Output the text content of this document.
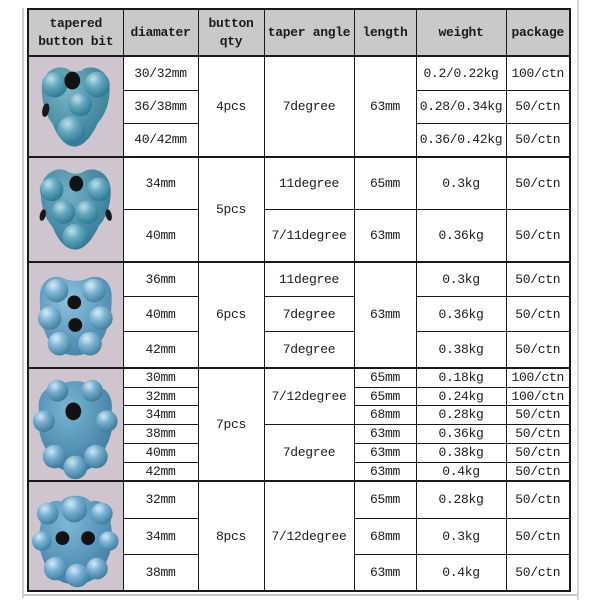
tapered button bit	diamater	button qty	taper angle	length	weight	package

	30/32mm	4pcs	7degree	63mm	0.2/0.22kg	100/ctn
	36/38mm				0.28/0.34kg	50/ctn
	40/42mm				0.36/0.42kg	50/ctn

	34mm	5pcs	11degree	65mm	0.3kg	50/ctn
	40mm		7/11degree	63mm	0.36kg	50/ctn

	36mm	6pcs	11degree	63mm	0.3kg	50/ctn
	40mm		7degree		0.36kg	50/ctn
	42mm		7degree		0.38kg	50/ctn

	30mm	7pcs	7/12degree	65mm	0.18kg	100/ctn
	32mm			65mm	0.24kg	100/ctn
	34mm			68mm	0.28kg	50/ctn
	38mm		7degree	63mm	0.36kg	50/ctn
	40mm			63mm	0.38kg	50/ctn
	42mm			63mm	0.4kg	50/ctn

	32mm	8pcs	7/12degree	65mm	0.28kg	50/ctn
	34mm			68mm	0.3kg	50/ctn
	38mm			63mm	0.4kg	50/ctn
